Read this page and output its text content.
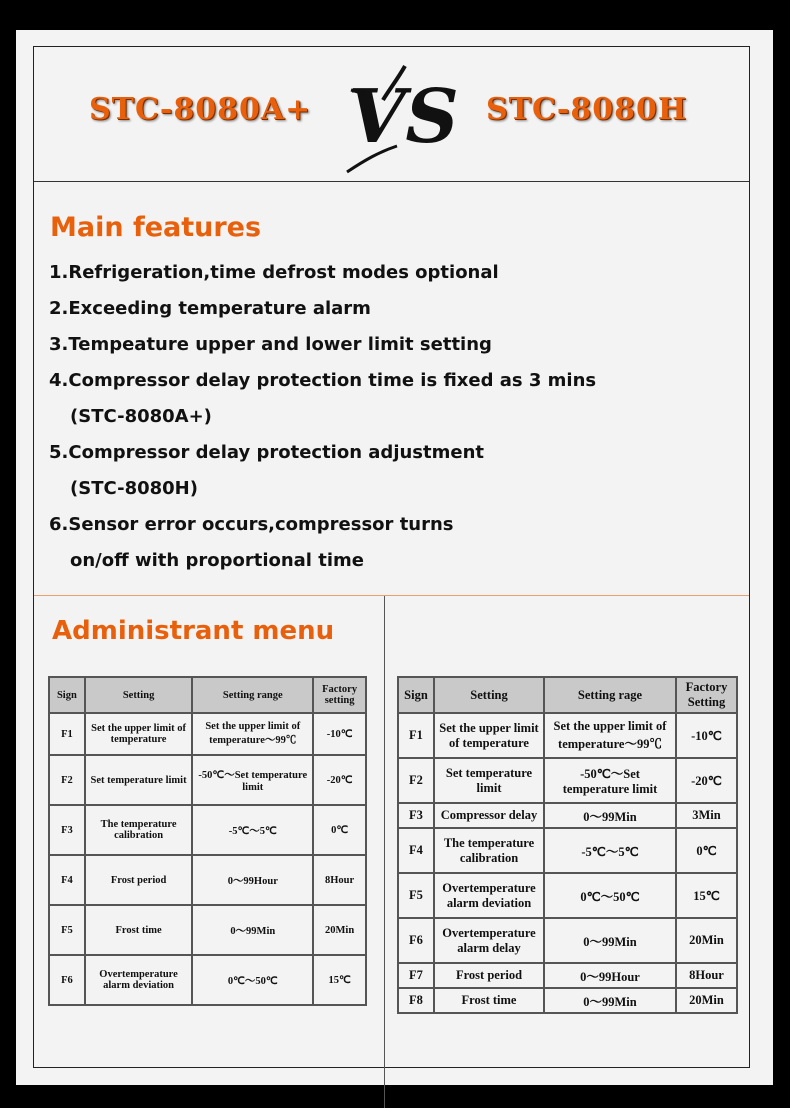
STC-8080A+ VS STC-8080H
Main features
1.Refrigeration,time defrost modes optional
2.Exceeding temperature alarm
3.Tempeature upper and lower limit setting
4.Compressor delay protection time is fixed as 3 mins
(STC-8080A+)
5.Compressor delay protection adjustment
(STC-8080H)
6.Sensor error occurs,compressor turns
on/off with proportional time
Administrant menu
Sign	Setting	Setting range	Factory setting
F1	Set the upper limit of temperature	Set the upper limit of temperature～99℃	-10℃
F2	Set temperature limit	-50℃～Set temperature limit	-20℃
F3	The temperature calibration	-5℃～5℃	0℃
F4	Frost period	0～99Hour	8Hour
F5	Frost time	0～99Min	20Min
F6	Overtemperature alarm deviation	0℃～50℃	15℃
Sign	Setting	Setting rage	Factory Setting
F1	Set the upper limit of temperature	Set the upper limit of temperature～99℃	-10℃
F2	Set temperature limit	-50℃～Set temperature limit	-20℃
F3	Compressor delay	0～99Min	3Min
F4	The temperature calibration	-5℃～5℃	0℃
F5	Overtemperature alarm deviation	0℃～50℃	15℃
F6	Overtemperature alarm delay	0～99Min	20Min
F7	Frost period	0～99Hour	8Hour
F8	Frost time	0～99Min	20Min
